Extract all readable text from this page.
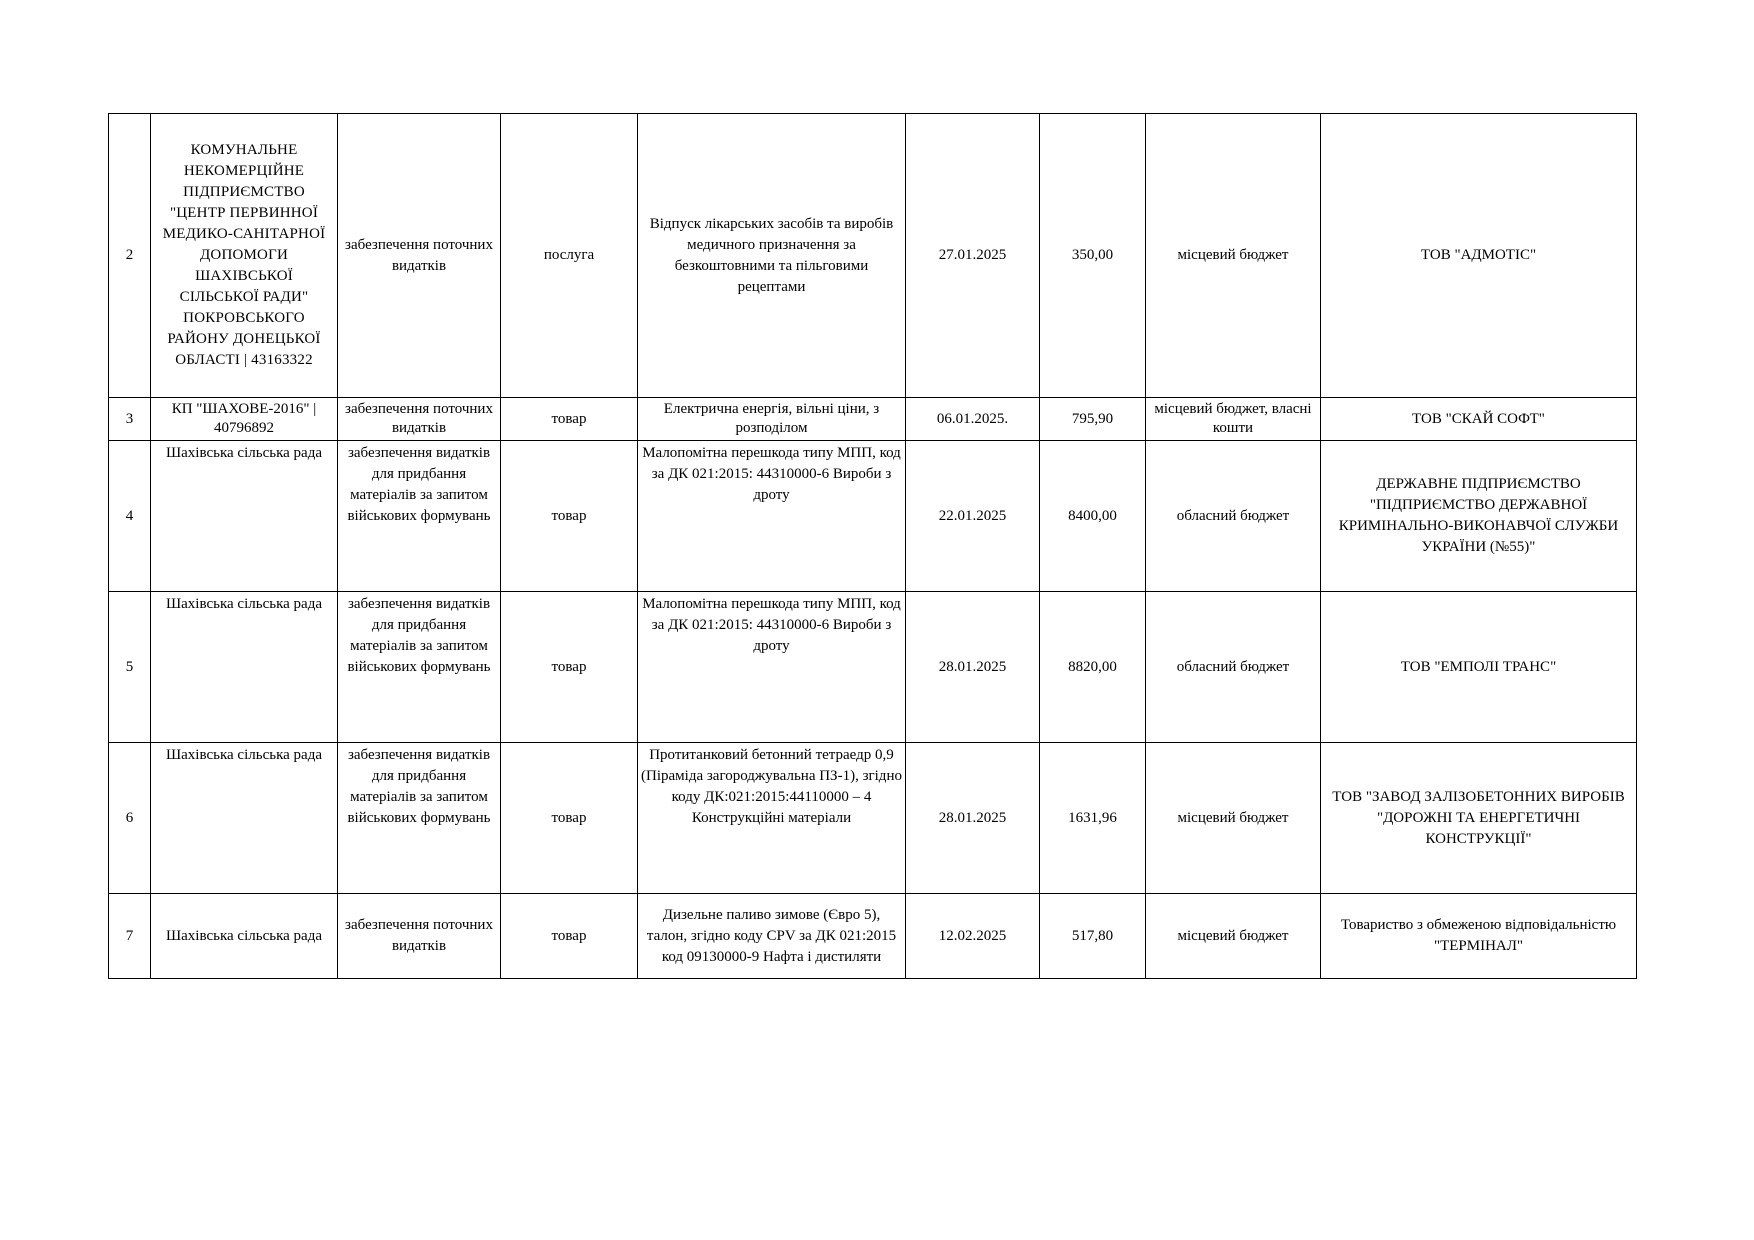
2	КОМУНАЛЬНЕ НЕКОМЕРЦІЙНЕ ПІДПРИЄМСТВО "ЦЕНТР ПЕРВИННОЇ МЕДИКО-САНІТАРНОЇ ДОПОМОГИ ШАХІВСЬКОЇ СІЛЬСЬКОЇ РАДИ" ПОКРОВСЬКОГО РАЙОНУ ДОНЕЦЬКОЇ ОБЛАСТІ | 43163322	забезпечення поточних видатків	послуга	Відпуск лікарських засобів та виробів медичного призначення за безкоштовними та пільговими рецептами	27.01.2025	350,00	місцевий бюджет	ТОВ "АДМОТІС"
3	КП "ШАХОВЕ-2016" | 40796892	забезпечення поточних видатків	товар	Електрична енергія, вільні ціни, з розподілом	06.01.2025.	795,90	місцевий бюджет, власні кошти	ТОВ "СКАЙ СОФТ"
4	Шахівська сільська рада	забезпечення видатків для придбання матеріалів за запитом військових формувань	товар	Малопомітна перешкода типу МПП, код за ДК 021:2015: 44310000-6 Вироби з дроту	22.01.2025	8400,00	обласний бюджет	ДЕРЖАВНЕ ПІДПРИЄМСТВО "ПІДПРИЄМСТВО ДЕРЖАВНОЇ КРИМІНАЛЬНО-ВИКОНАВЧОЇ СЛУЖБИ УКРАЇНИ (№55)"
5	Шахівська сільська рада	забезпечення видатків для придбання матеріалів за запитом військових формувань	товар	Малопомітна перешкода типу МПП, код за ДК 021:2015: 44310000-6 Вироби з дроту	28.01.2025	8820,00	обласний бюджет	ТОВ "ЕМПОЛІ ТРАНС"
6	Шахівська сільська рада	забезпечення видатків для придбання матеріалів за запитом військових формувань	товар	Протитанковий бетонний тетраедр 0,9 (Піраміда загороджувальна ПЗ-1), згідно коду ДК:021:2015:44110000 – 4 Конструкційні матеріали	28.01.2025	1631,96	місцевий бюджет	ТОВ "ЗАВОД ЗАЛІЗОБЕТОННИХ ВИРОБІВ "ДОРОЖНІ ТА ЕНЕРГЕТИЧНІ КОНСТРУКЦІЇ"
7	Шахівська сільська рада	забезпечення поточних видатків	товар	Дизельне паливо зимове (Євро 5), талон, згідно коду CPV за ДК 021:2015 код 09130000-9 Нафта і дистиляти	12.02.2025	517,80	місцевий бюджет	Товариство з обмеженою відповідальністю "ТЕРМІНАЛ"
